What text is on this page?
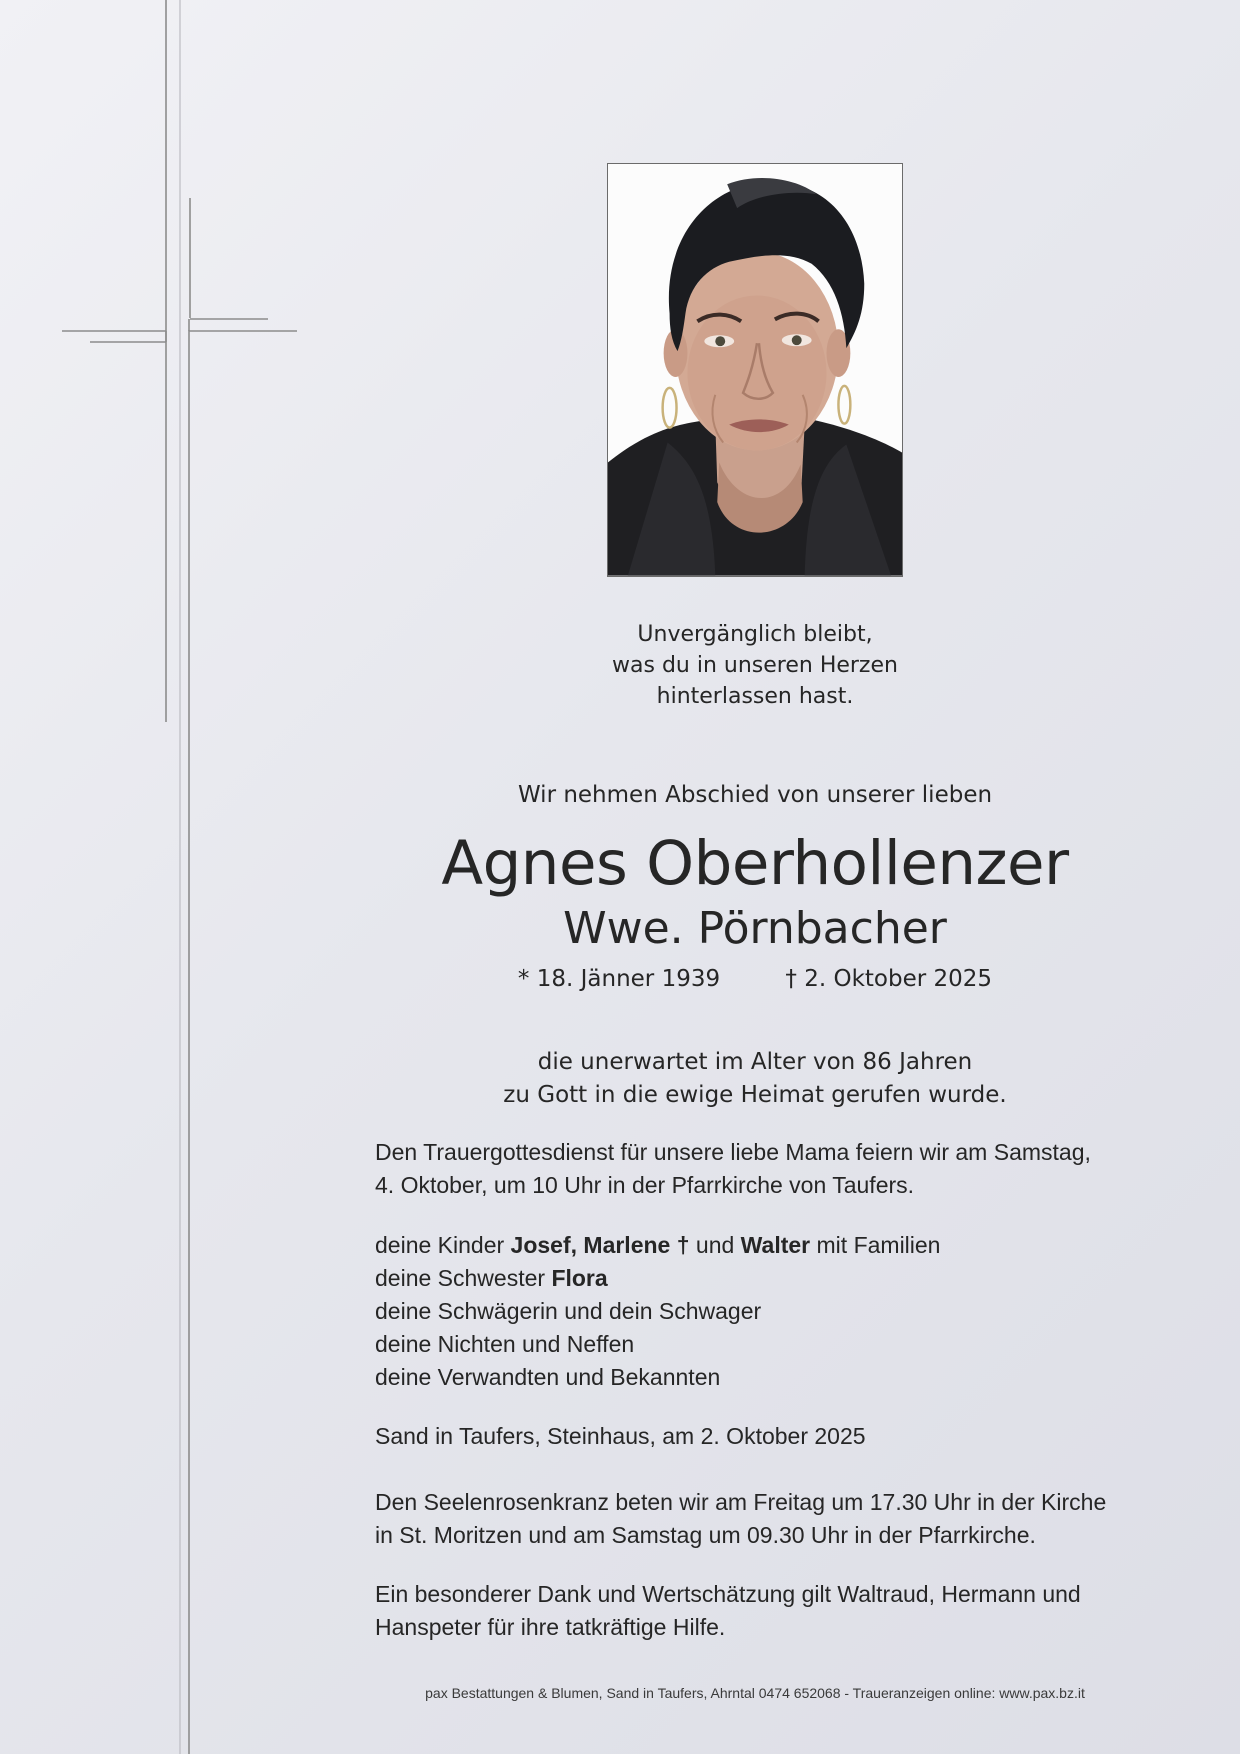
Unvergänglich bleibt,
was du in unseren Herzen
hinterlassen hast.

Wir nehmen Abschied von unserer lieben

Agnes Oberhollenzer
Wwe. Pörnbacher

* 18. Jänner 1939	† 2. Oktober 2025

die unerwartet im Alter von 86 Jahren
zu Gott in die ewige Heimat gerufen wurde.

Den Trauergottesdienst für unsere liebe Mama feiern wir am Samstag,
4. Oktober, um 10 Uhr in der Pfarrkirche von Taufers.

deine Kinder Josef, Marlene † und Walter mit Familien
deine Schwester Flora
deine Schwägerin und dein Schwager
deine Nichten und Neffen
deine Verwandten und Bekannten

Sand in Taufers, Steinhaus, am 2. Oktober 2025

Den Seelenrosenkranz beten wir am Freitag um 17.30 Uhr in der Kirche
in St. Moritzen und am Samstag um 09.30 Uhr in der Pfarrkirche.

Ein besonderer Dank und Wertschätzung gilt Waltraud, Hermann und
Hanspeter für ihre tatkräftige Hilfe.

pax Bestattungen & Blumen, Sand in Taufers, Ahrntal 0474 652068 - Traueranzeigen online: www.pax.bz.it
